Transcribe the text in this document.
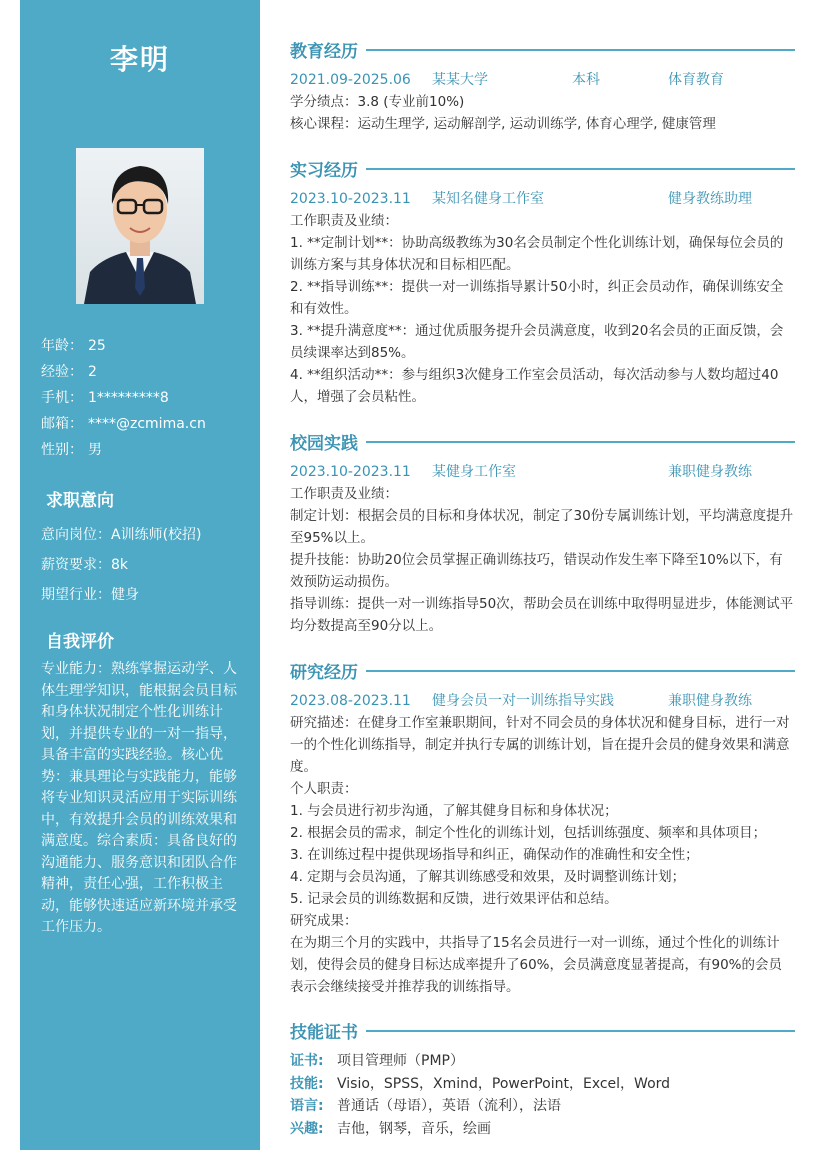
李明
年龄： 25
经验： 2
手机： 1*********8
邮箱： ****@zcmima.cn
性别： 男
求职意向
意向岗位：A训练师(校招)
薪资要求：8k
期望行业：健身
自我评价
专业能力：熟练掌握运动学、人体生理学知识，能根据会员目标和身体状况制定个性化训练计划，并提供专业的一对一指导，具备丰富的实践经验。核心优势：兼具理论与实践能力，能够将专业知识灵活应用于实际训练中，有效提升会员的训练效果和满意度。综合素质：具备良好的沟通能力、服务意识和团队合作精神，责任心强，工作积极主动，能够快速适应新环境并承受工作压力。
教育经历
2021.09-2025.06	某某大学	本科	体育教育
学分绩点：3.8 (专业前10%)
核心课程：运动生理学, 运动解剖学, 运动训练学, 体育心理学, 健康管理
实习经历
2023.10-2023.11	某知名健身工作室	健身教练助理
工作职责及业绩：
1. **定制计划**：协助高级教练为30名会员制定个性化训练计划，确保每位会员的训练方案与其身体状况和目标相匹配。
2. **指导训练**：提供一对一训练指导累计50小时，纠正会员动作，确保训练安全和有效性。
3. **提升满意度**：通过优质服务提升会员满意度，收到20名会员的正面反馈，会员续课率达到85%。
4. **组织活动**：参与组织3次健身工作室会员活动，每次活动参与人数均超过40人，增强了会员粘性。
校园实践
2023.10-2023.11	某健身工作室	兼职健身教练
工作职责及业绩：
制定计划：根据会员的目标和身体状况，制定了30份专属训练计划，平均满意度提升至95%以上。
提升技能：协助20位会员掌握正确训练技巧，错误动作发生率下降至10%以下，有效预防运动损伤。
指导训练：提供一对一训练指导50次，帮助会员在训练中取得明显进步，体能测试平均分数提高至90分以上。
研究经历
2023.08-2023.11	健身会员一对一训练指导实践	兼职健身教练
研究描述：在健身工作室兼职期间，针对不同会员的身体状况和健身目标，进行一对一的个性化训练指导，制定并执行专属的训练计划，旨在提升会员的健身效果和满意度。
个人职责：
1. 与会员进行初步沟通，了解其健身目标和身体状况；
2. 根据会员的需求，制定个性化的训练计划，包括训练强度、频率和具体项目；
3. 在训练过程中提供现场指导和纠正，确保动作的准确性和安全性；
4. 定期与会员沟通，了解其训练感受和效果，及时调整训练计划；
5. 记录会员的训练数据和反馈，进行效果评估和总结。
研究成果：
在为期三个月的实践中，共指导了15名会员进行一对一训练，通过个性化的训练计划，使得会员的健身目标达成率提升了60%，会员满意度显著提高，有90%的会员表示会继续接受并推荐我的训练指导。
技能证书
证书: 项目管理师（PMP）
技能: Visio，SPSS，Xmind，PowerPoint，Excel，Word
语言: 普通话（母语），英语（流利），法语
兴趣: 吉他，钢琴，音乐，绘画
